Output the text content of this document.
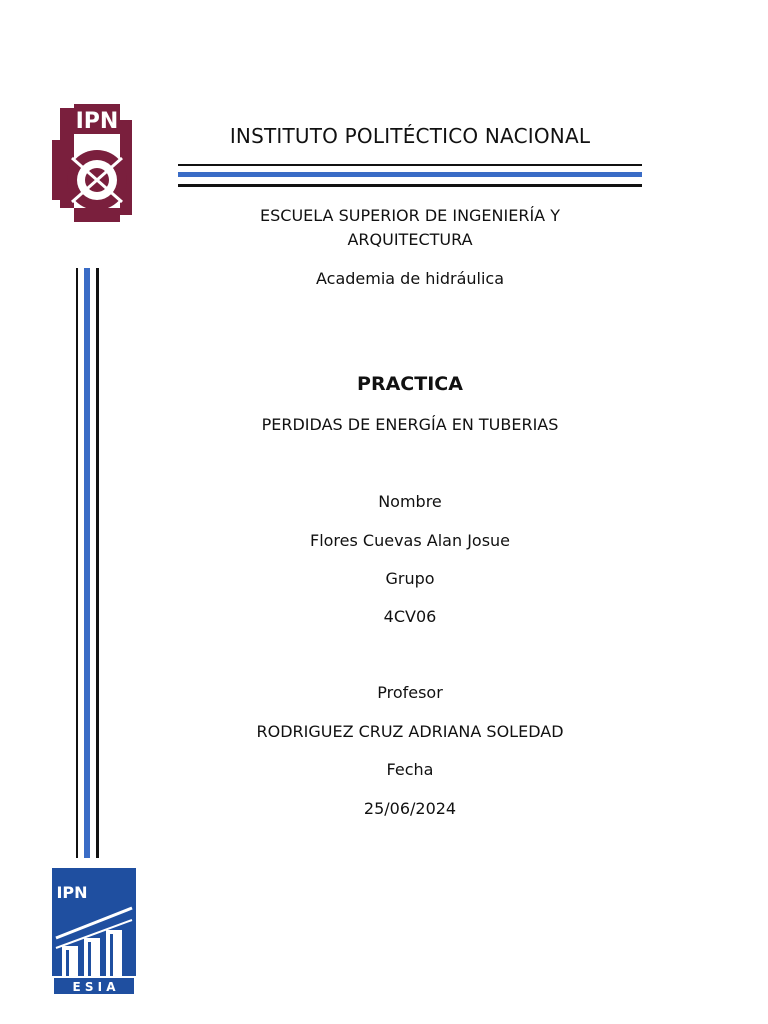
IPN
INSTITUTO POLITÉCTICO NACIONAL
ESCUELA SUPERIOR DE INGENIERÍA Y ARQUITECTURA
Academia de hidráulica
PRACTICA
PERDIDAS DE ENERGÍA EN TUBERIAS
Nombre
Flores Cuevas Alan Josue
Grupo
4CV06
Profesor
RODRIGUEZ CRUZ ADRIANA SOLEDAD
Fecha
25/06/2024
IPN
E S I A
